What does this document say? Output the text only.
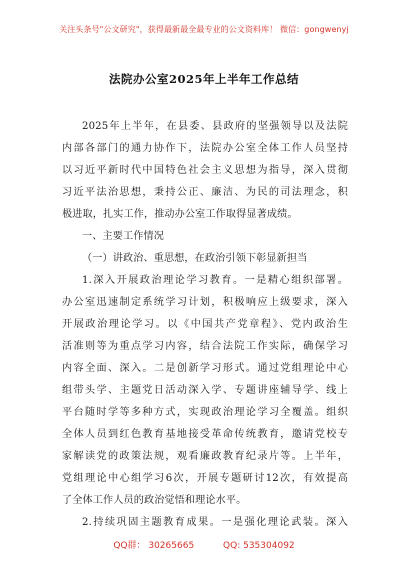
关注头条号"公文研究"，获得最新最全最专业的公文资料库！ 微信：gongwenyj
法院办公室2025年上半年工作总结
2025年上半年，在县委、县政府的坚强领导以及法院
内部各部门的通力协作下，法院办公室全体工作人员坚持
以习近平新时代中国特色社会主义思想为指导，深入贯彻
习近平法治思想，秉持公正、廉洁、为民的司法理念，积
极进取，扎实工作，推动办公室工作取得显著成绩。
一、主要工作情况
（一）讲政治、重思想，在政治引领下彰显新担当
1.深入开展政治理论学习教育。一是精心组织部署。
办公室迅速制定系统学习计划，积极响应上级要求，深入
开展政治理论学习。以《中国共产党章程》、党内政治生
活准则等为重点学习内容，结合法院工作实际，确保学习
内容全面、深入。二是创新学习形式。通过党组理论中心
组带头学、主题党日活动深入学、专题讲座辅导学、线上
平台随时学等多种方式，实现政治理论学习全覆盖。组织
全体人员到红色教育基地接受革命传统教育，邀请党校专
家解读党的政策法规，观看廉政教育纪录片等。上半年，
党组理论中心组学习6次，开展专题研讨12次，有效提高
了全体工作人员的政治觉悟和理论水平。
2.持续巩固主题教育成果。一是强化理论武装。深入
QQ群： 30265665	QQ: 535304092
